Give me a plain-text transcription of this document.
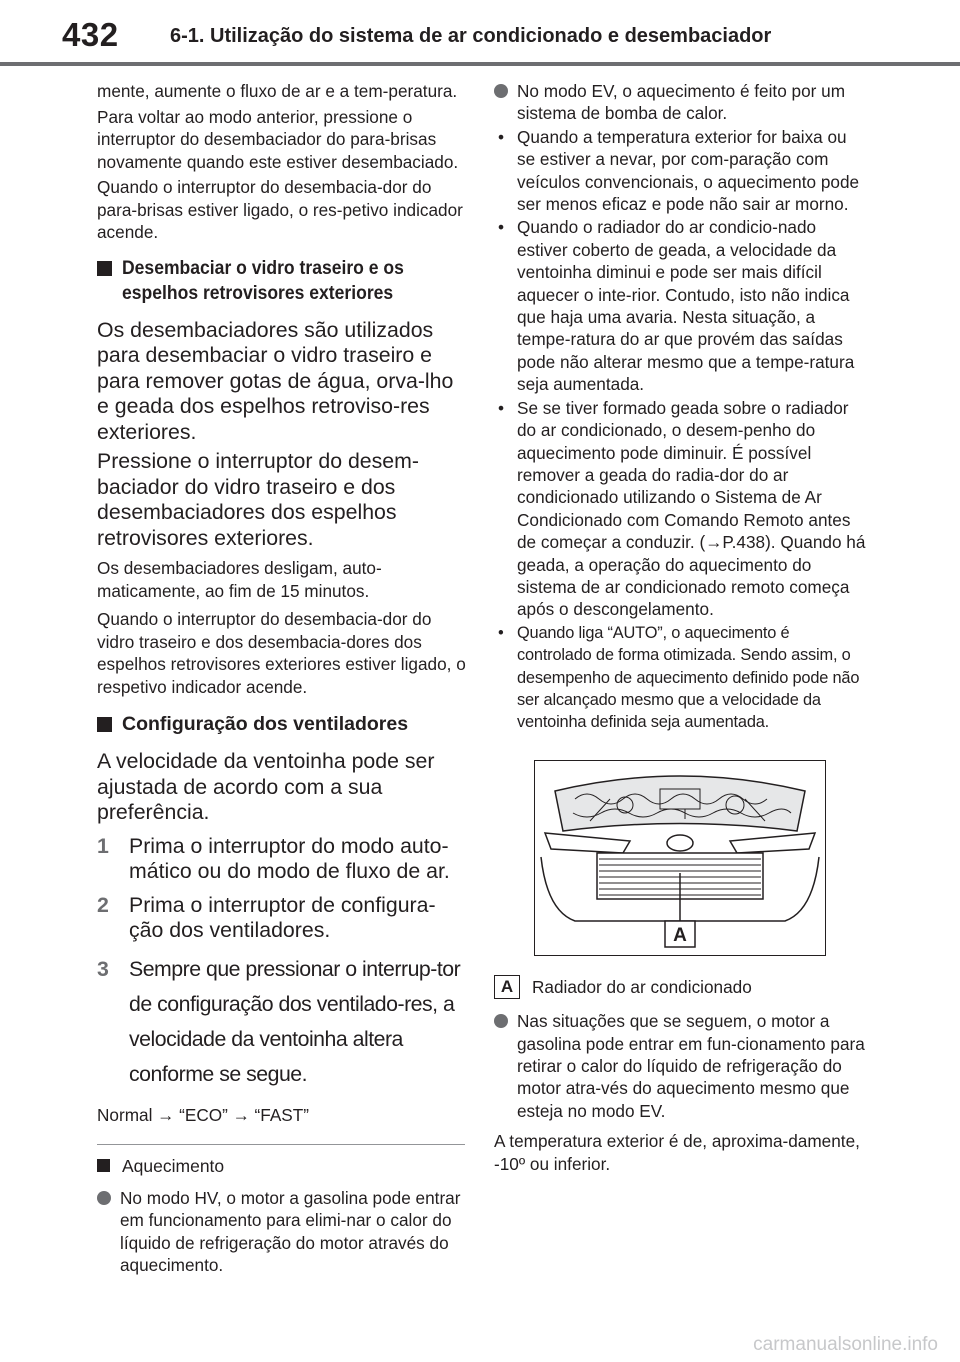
432	6-1. Utilização do sistema de ar condicionado e desembaciador

mente, aumente o fluxo de ar e a tem-peratura.

Para voltar ao modo anterior, pressione o interruptor do desembaciador do para-brisas novamente quando este estiver desembaciado.

Quando o interruptor do desembacia-dor do para-brisas estiver ligado, o res-petivo indicador acende.

Desembaciar o vidro traseiro e os espelhos retrovisores exteriores

Os desembaciadores são utilizados para desembaciar o vidro traseiro e para remover gotas de água, orva-lho e geada dos espelhos retroviso-res exteriores.

Pressione o interruptor do desem-baciador do vidro traseiro e dos desembaciadores dos espelhos retrovisores exteriores.

Os desembaciadores desligam, auto-maticamente, ao fim de 15 minutos.

Quando o interruptor do desembacia-dor do vidro traseiro e dos desembacia-dores dos espelhos retrovisores exteriores estiver ligado, o respetivo indicador acende.

Configuração dos ventiladores

A velocidade da ventoinha pode ser ajustada de acordo com a sua preferência.

1 Prima o interruptor do modo auto-mático ou do modo de fluxo de ar.
2 Prima o interruptor de configura-ção dos ventiladores.
3 Sempre que pressionar o interrup-tor de configuração dos ventilado-res, a velocidade da ventoinha altera conforme se segue.

Normal → “ECO” → “FAST”

Aquecimento
No modo HV, o motor a gasolina pode entrar em funcionamento para elimi-nar o calor do líquido de refrigeração do motor através do aquecimento.
No modo EV, o aquecimento é feito por um sistema de bomba de calor.
• Quando a temperatura exterior for baixa ou se estiver a nevar, por com-paração com veículos convencionais, o aquecimento pode ser menos eficaz e pode não sair ar morno.
• Quando o radiador do ar condicio-nado estiver coberto de geada, a velocidade da ventoinha diminui e pode ser mais difícil aquecer o inte-rior. Contudo, isto não indica que haja uma avaria. Nesta situação, a tempe-ratura do ar que provém das saídas pode não alterar mesmo que a tempe-ratura seja aumentada.
• Se se tiver formado geada sobre o radiador do ar condicionado, o desem-penho do aquecimento pode diminuir. É possível remover a geada do radia-dor do ar condicionado utilizando o Sistema de Ar Condicionado com Comando Remoto antes de começar a conduzir. (→P.438). Quando há geada, a operação do aquecimento do sistema de ar condicionado remoto começa após o descongelamento.
• Quando liga “AUTO”, o aquecimento é controlado de forma otimizada. Sendo assim, o desempenho de aquecimento definido pode não ser alcançado mesmo que a velocidade da ventoinha definida seja aumentada.
A
A	Radiador do ar condicionado
Nas situações que se seguem, o motor a gasolina pode entrar em fun-cionamento para retirar o calor do líquido de refrigeração do motor atra-vés do aquecimento mesmo que esteja no modo EV.

A temperatura exterior é de, aproxima-damente, -10º ou inferior.

carmanualsonline.info
